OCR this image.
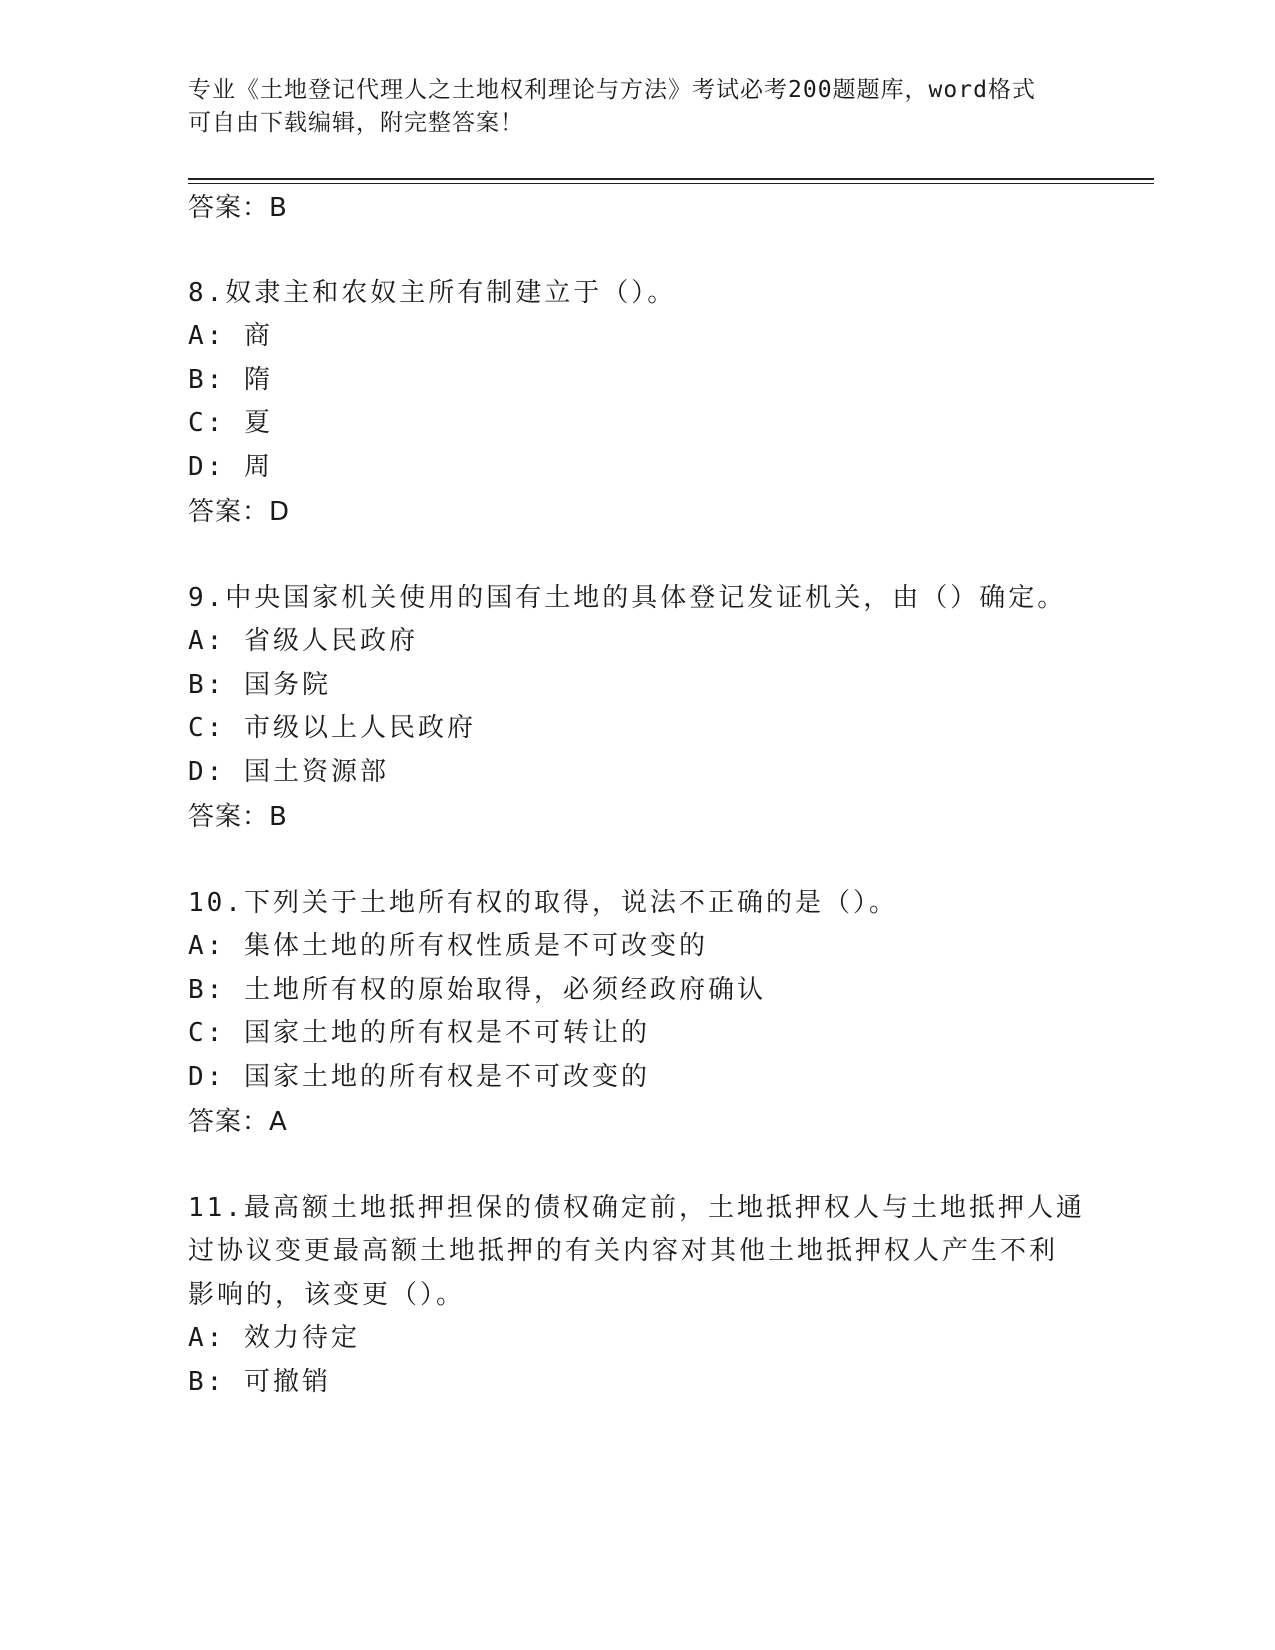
专业《土地登记代理人之土地权利理论与方法》考试必考200题题库，word格式
可自由下载编辑，附完整答案！
答案：B
8.奴隶主和农奴主所有制建立于（）。
A: 商
B: 隋
C: 夏
D: 周
答案：D
9.中央国家机关使用的国有土地的具体登记发证机关，由（）确定。
A: 省级人民政府
B: 国务院
C: 市级以上人民政府
D: 国土资源部
答案：B
10.下列关于土地所有权的取得，说法不正确的是（）。
A: 集体土地的所有权性质是不可改变的
B: 土地所有权的原始取得，必须经政府确认
C: 国家土地的所有权是不可转让的
D: 国家土地的所有权是不可改变的
答案：A
11.最高额土地抵押担保的债权确定前，土地抵押权人与土地抵押人通
过协议变更最高额土地抵押的有关内容对其他土地抵押权人产生不利
影响的，该变更（）。
A: 效力待定
B: 可撤销
